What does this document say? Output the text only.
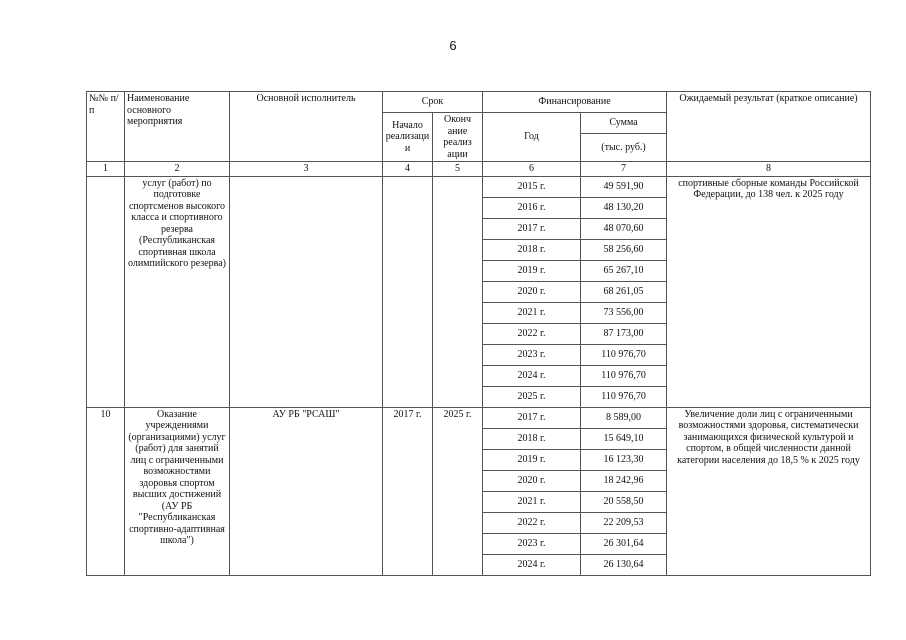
6
№№ п/п	Наименование основного мероприятия	Основной исполнитель	Срок		Финансирование		Ожидаемый результат (краткое описание)
			Начало реализаци и	Оконч ание реализ ации	Год	Сумма	
						(тыс. руб.)	
1	2	3	4	5	6	7	8
	услуг (работ) по подготовке спортсменов высокого класса и спортивного резерва (Республиканская спортивная школа олимпийского резерва)				2015 г.	49 591,90	спортивные сборные команды Российской Федерации, до 138 чел. к 2025 году
					2016 г.	48 130,20	
					2017 г.	48 070,60	
					2018 г.	58 256,60	
					2019 г.	65 267,10	
					2020 г.	68 261,05	
					2021 г.	73 556,00	
					2022 г.	87 173,00	
					2023 г.	110 976,70	
					2024 г.	110 976,70	
					2025 г.	110 976,70	
10	Оказание учреждениями (организациями) услуг (работ) для занятий лиц с ограниченными возможностями здоровья спортом высших достижений (АУ РБ "Республиканская спортивно-адаптивная школа")	АУ РБ "РСАШ"	2017 г.	2025 г.	2017 г.	8 589,00	Увеличение доли лиц с ограниченными возможностями здоровья, систематически занимающихся физической культурой и спортом, в общей численности данной категории населения до 18,5 % к 2025 году
					2018 г.	15 649,10	
					2019 г.	16 123,30	
					2020 г.	18 242,96	
					2021 г.	20 558,50	
					2022 г.	22 209,53	
					2023 г.	26 301,64	
					2024 г.	26 130,64	
